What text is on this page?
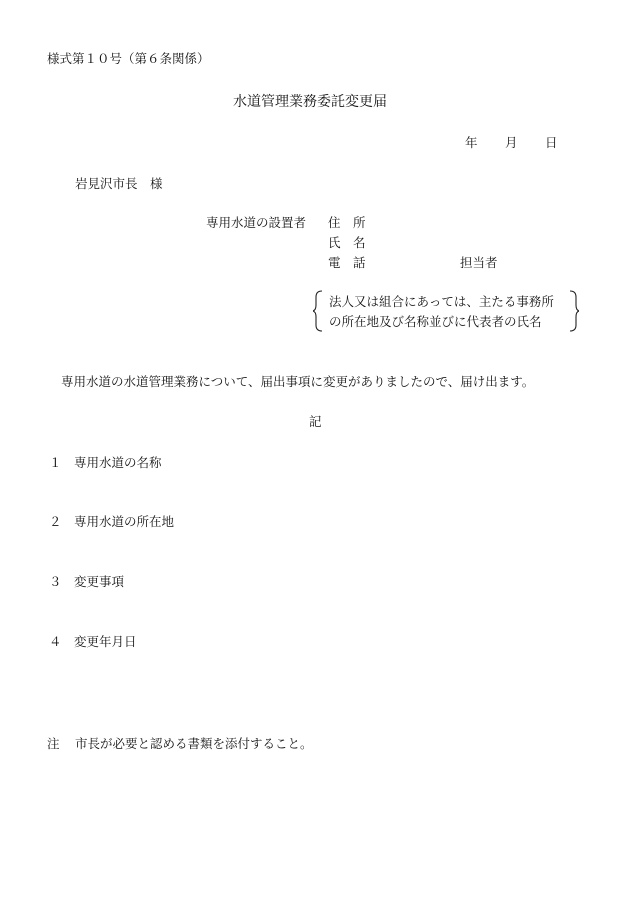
様式第１０号（第６条関係）
水道管理業務委託変更届
年 月 日
岩見沢市長　様
専用水道の設置者 住　所
氏　名
電　話	担当者
法人又は組合にあっては、主たる事務所
の所在地及び名称並びに代表者の氏名
専用水道の水道管理業務について、届出事項に変更がありましたので、届け出ます。
記
１ 専用水道の名称
２ 専用水道の所在地
３ 変更事項
４ 変更年月日
注 市長が必要と認める書類を添付すること。
